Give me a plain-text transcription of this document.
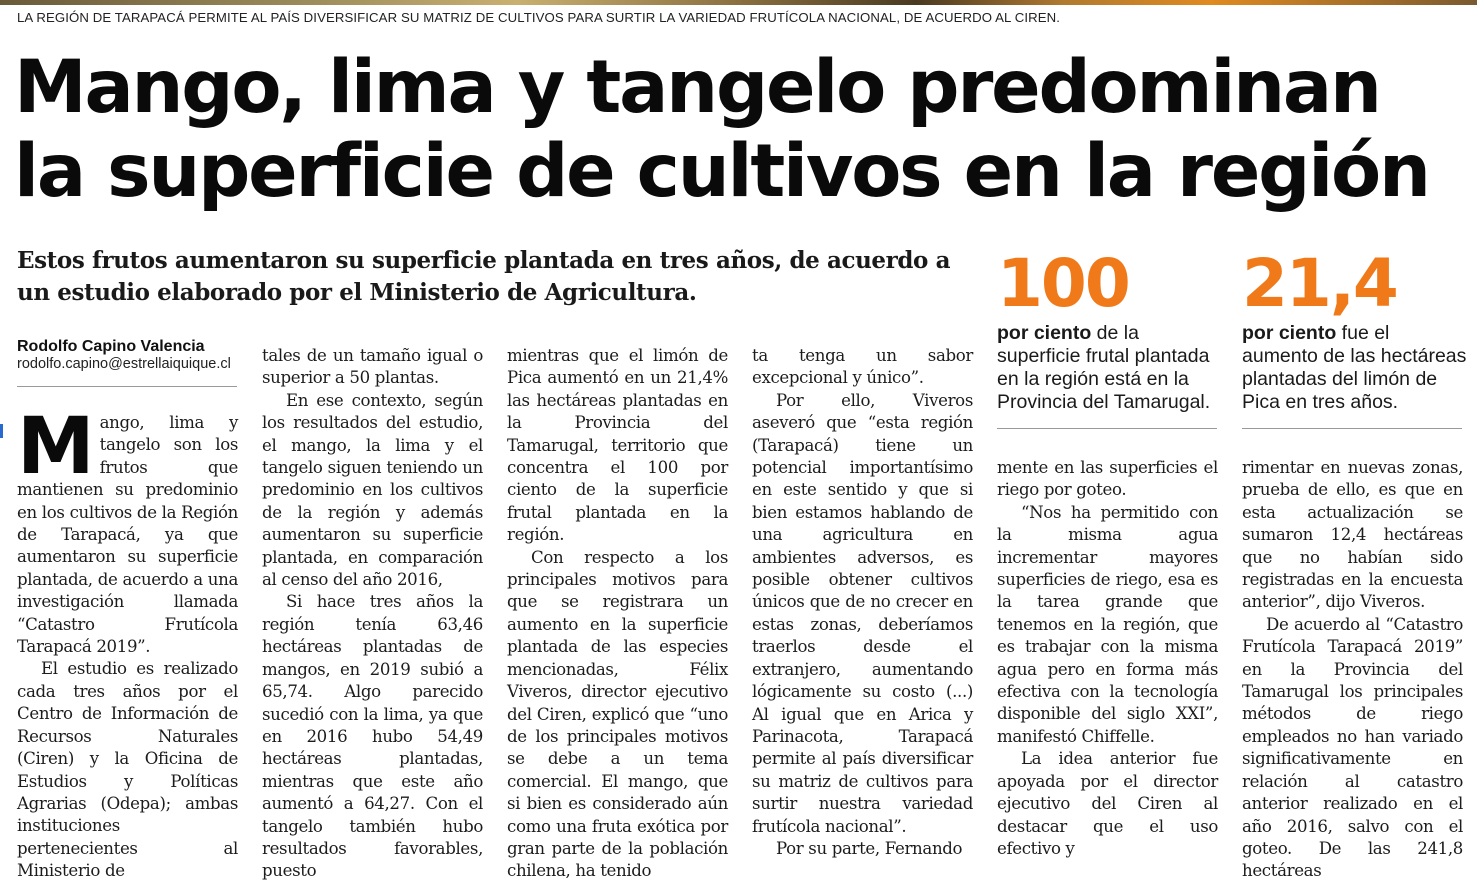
LA REGIÓN DE TARAPACÁ PERMITE AL PAÍS DIVERSIFICAR SU MATRIZ DE CULTIVOS PARA SURTIR LA VARIEDAD FRUTÍCOLA NACIONAL, DE ACUERDO AL CIREN.
Mango, lima y tangelo predominan
la superficie de cultivos en la región
Estos frutos aumentaron su superficie plantada en tres años, de acuerdo a un estudio elaborado por el Ministerio de Agricultura.	100
por ciento de la superficie frutal plantada en la región está en la Provincia del Tamarugal.
21,4
por ciento fue el aumento de las hectáreas plantadas del limón de Pica en tres años.
Rodolfo Capino Valencia
rodolfo.capino@estrellaiquique.cl

Mango, lima y tangelo son los frutos que mantienen su predominio en los cultivos de la Región de Tarapacá, ya que aumentaron su superficie plantada, de acuerdo a una investigación llamada “Catastro Frutícola Tarapacá 2019”.

El estudio es realizado cada tres años por el Centro de Información de Recursos Naturales (Ciren) y la Oficina de Estudios y Políticas Agrarias (Odepa); ambas instituciones pertenecientes al Ministerio de

tales de un tamaño igual o superior a 50 plantas.

En ese contexto, según los resultados del estudio, el mango, la lima y el tangelo siguen teniendo un predominio en los cultivos de la región y además aumentaron su superficie plantada, en comparación al censo del año 2016,

Si hace tres años la región tenía 63,46 hectáreas plantadas de mangos, en 2019 subió a 65,74. Algo parecido sucedió con la lima, ya que en 2016 hubo 54,49 hectáreas plantadas, mientras que este año aumentó a 64,27. Con el tangelo también hubo resultados favorables, puesto

mientras que el limón de Pica aumentó en un 21,4% las hectáreas plantadas en la Provincia del Tamarugal, territorio que concentra el 100 por ciento de la superficie frutal plantada en la región.

Con respecto a los principales motivos para que se registrara un aumento en la superficie plantada de las especies mencionadas, Félix Viveros, director ejecutivo del Ciren, explicó que “uno de los principales motivos se debe a un tema comercial. El mango, que si bien es considerado aún como una fruta exótica por gran parte de la población chilena, ha tenido

ta tenga un sabor excepcional y único”.

Por ello, Viveros aseveró que “esta región (Tarapacá) tiene un potencial importantísimo en este sentido y que si bien estamos hablando de una agricultura en ambientes adversos, es posible obtener cultivos únicos que de no crecer en estas zonas, deberíamos traerlos desde el extranjero, aumentando lógicamente su costo (...) Al igual que en Arica y Parinacota, Tarapacá permite al país diversificar su matriz de cultivos para surtir nuestra variedad frutícola nacional”.

Por su parte, Fernando

mente en las superficies el riego por goteo.

“Nos ha permitido con la misma agua incrementar mayores superficies de riego, esa es la tarea grande que tenemos en la región, que es trabajar con la misma agua pero en forma más efectiva con la tecnología disponible del siglo XXI”, manifestó Chiffelle.

La idea anterior fue apoyada por el director ejecutivo del Ciren al destacar que el uso efectivo y

rimentar en nuevas zonas, prueba de ello, es que en esta actualización se sumaron 12,4 hectáreas que no habían sido registradas en la encuesta anterior”, dijo Viveros.

De acuerdo al “Catastro Frutícola Tarapacá 2019” en la Provincia del Tamarugal los principales métodos de riego empleados no han variado significativamente en relación al catastro anterior realizado en el año 2016, salvo con el goteo. De las 241,8 hectáreas
